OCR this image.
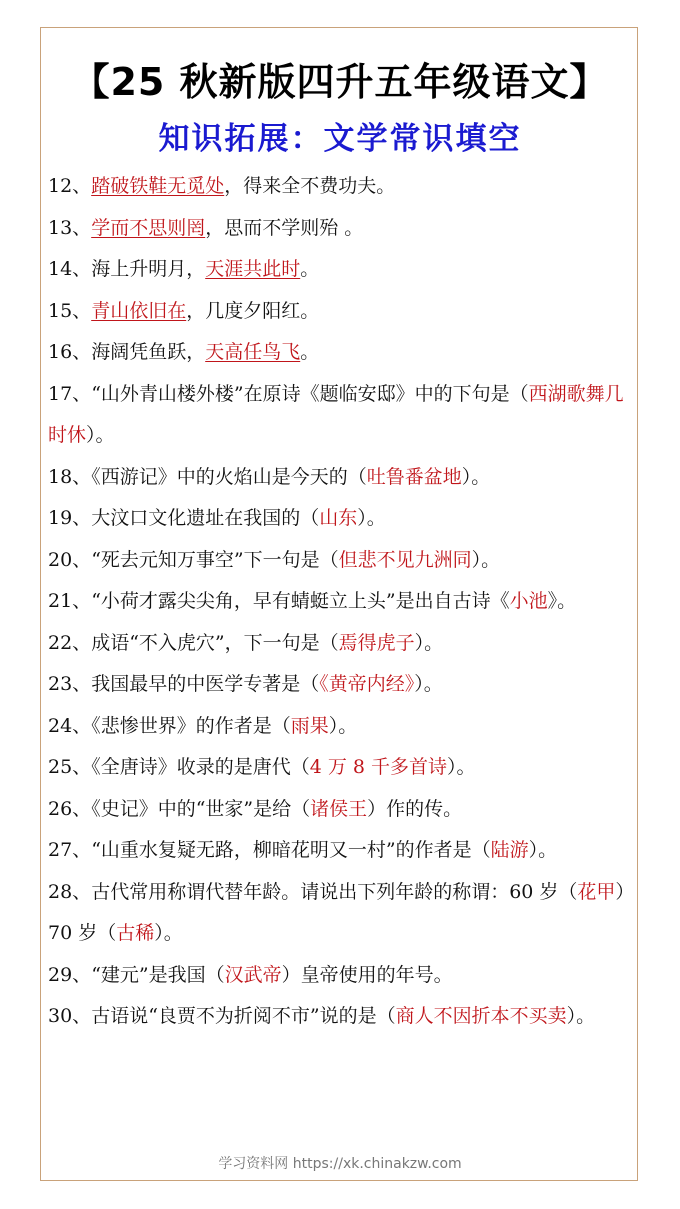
【25 秋新版四升五年级语文】
知识拓展：文学常识填空

12、踏破铁鞋无觅处，得来全不费功夫。

13、学而不思则罔，思而不学则殆 。

14、海上升明月，天涯共此时。

15、青山依旧在，几度夕阳红。

16、海阔凭鱼跃，天高任鸟飞。

17、“山外青山楼外楼”在原诗《题临安邸》中的下句是（西湖歌舞几时休）。

18、《西游记》中的火焰山是今天的（吐鲁番盆地）。

19、大汶口文化遗址在我国的（山东）。

20、“死去元知万事空”下一句是（但悲不见九洲同）。

21、“小荷才露尖尖角，早有蜻蜓立上头”是出自古诗《小池》。

22、成语“不入虎穴”，下一句是（焉得虎子）。

23、我国最早的中医学专著是（《黄帝内经》）。

24、《悲惨世界》的作者是（雨果）。

25、《全唐诗》收录的是唐代（4 万 8 千多首诗）。

26、《史记》中的“世家”是给（诸侯王）作的传。

27、“山重水复疑无路，柳暗花明又一村”的作者是（陆游）。

28、古代常用称谓代替年龄。请说出下列年龄的称谓：60 岁（花甲）70 岁（古稀）。

29、“建元”是我国（汉武帝）皇帝使用的年号。

30、古语说“良贾不为折阅不市”说的是（商人不因折本不买卖）。

学习资料网 https://xk.chinakzw.com
